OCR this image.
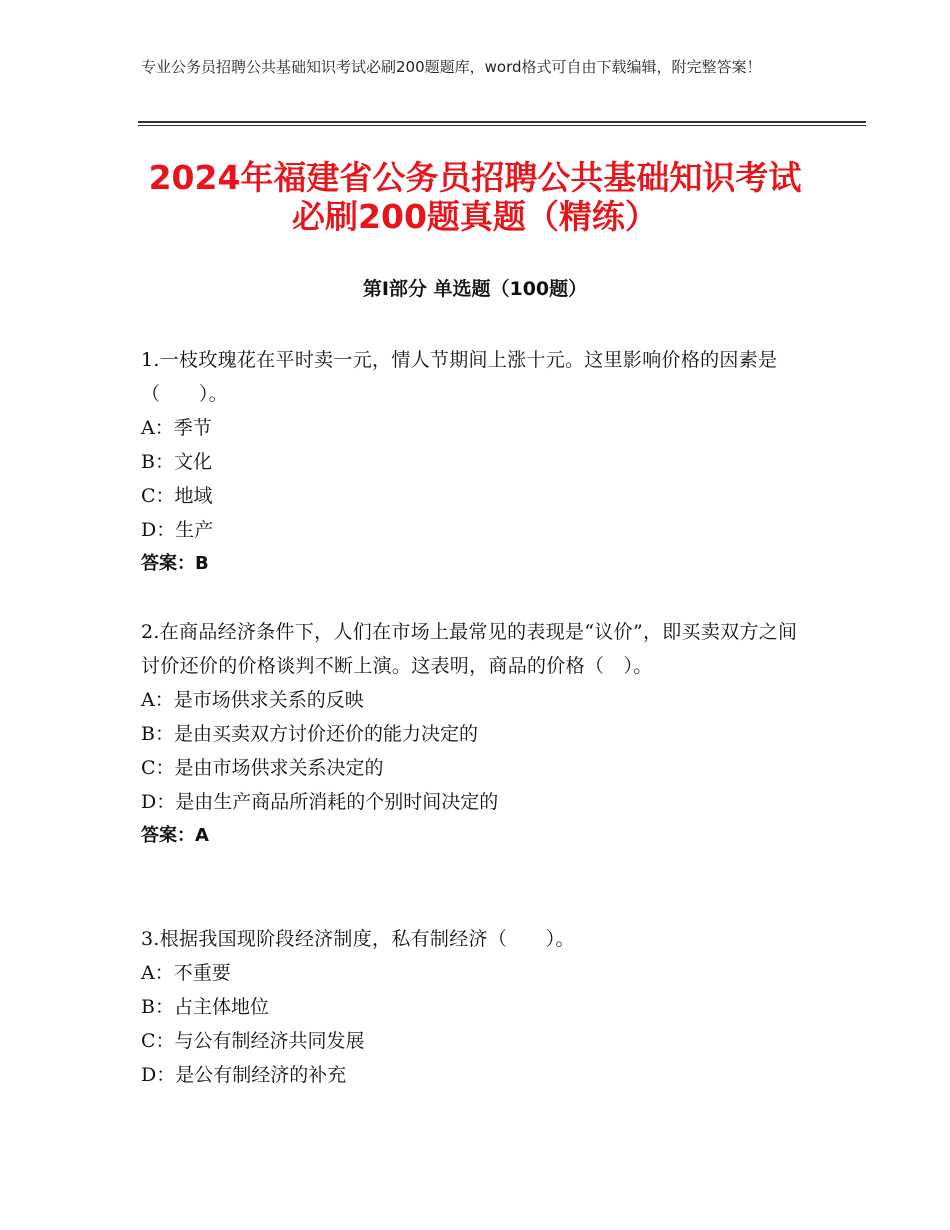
专业公务员招聘公共基础知识考试必刷200题题库，word格式可自由下载编辑，附完整答案！
2024年福建省公务员招聘公共基础知识考试
必刷200题真题（精练）
第Ⅰ部分 单选题（100题）
1.一枝玫瑰花在平时卖一元，情人节期间上涨十元。这里影响价格的因素是（　　）。
A：季节
B：文化
C：地域
D：生产
答案：B
2.在商品经济条件下，人们在市场上最常见的表现是“议价”，即买卖双方之间讨价还价的价格谈判不断上演。这表明，商品的价格（　）。
A：是市场供求关系的反映
B：是由买卖双方讨价还价的能力决定的
C：是由市场供求关系决定的
D：是由生产商品所消耗的个别时间决定的
答案：A
3.根据我国现阶段经济制度，私有制经济（　　）。
A：不重要
B：占主体地位
C：与公有制经济共同发展
D：是公有制经济的补充
